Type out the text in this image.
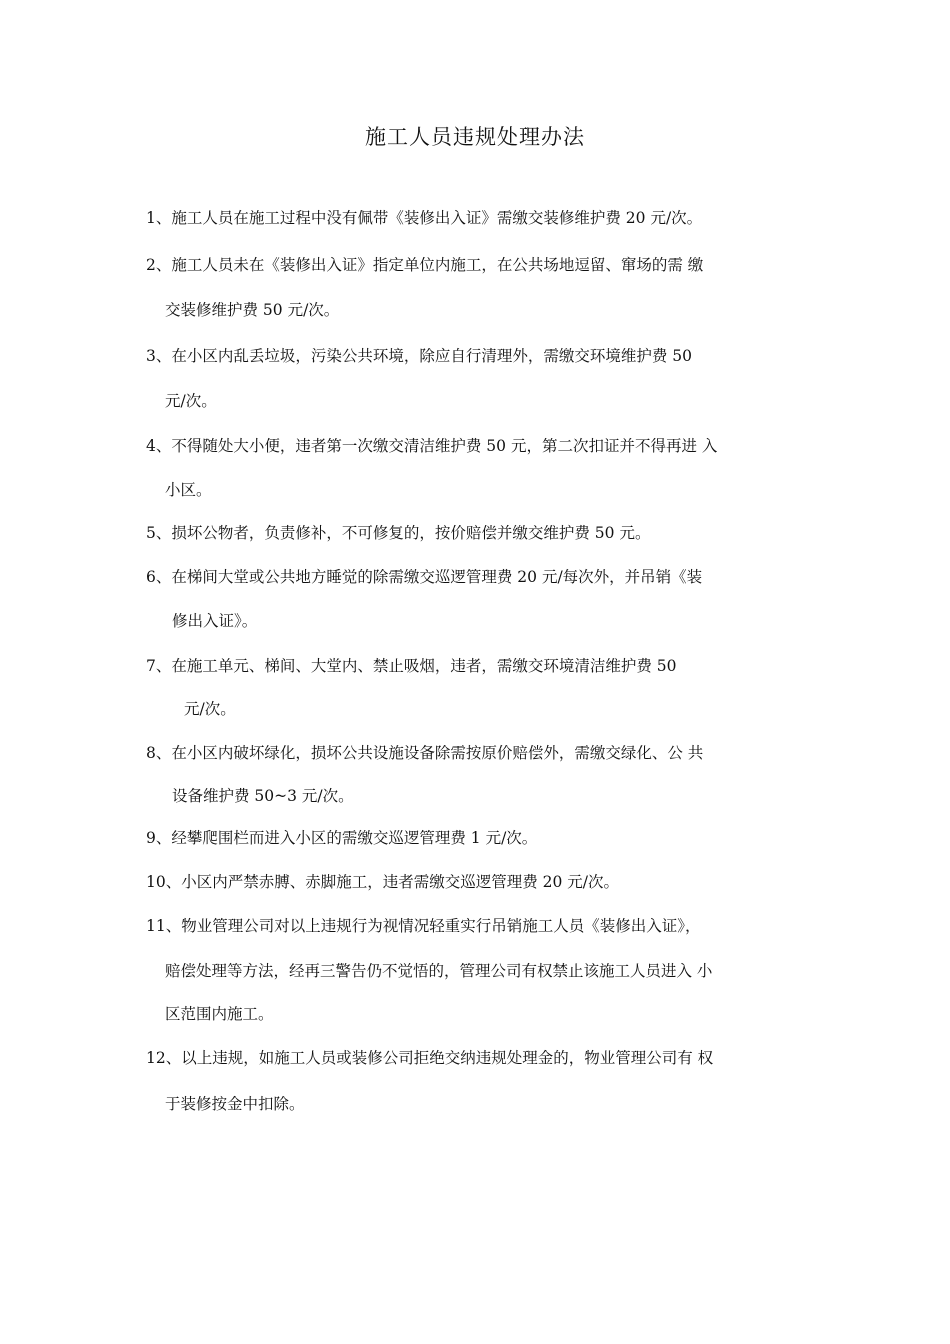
施工人员违规处理办法
1、施工人员在施工过程中没有佩带《装修出入证》需缴交装修维护费 20 元/次。
2、施工人员未在《装修出入证》指定单位内施工，在公共场地逗留、窜场的需 缴
交装修维护费 50 元/次。
3、在小区内乱丢垃圾，污染公共环境，除应自行清理外，需缴交环境维护费 50
元/次。
4、不得随处大小便，违者第一次缴交清洁维护费 50 元，第二次扣证并不得再进 入
小区。
5、损坏公物者，负责修补，不可修复的，按价赔偿并缴交维护费 50 元。
6、在梯间大堂或公共地方睡觉的除需缴交巡逻管理费 20 元/每次外，并吊销《装
修出入证》。
7、在施工单元、梯间、大堂内、禁止吸烟，违者，需缴交环境清洁维护费 50
元/次。
8、在小区内破坏绿化，损坏公共设施设备除需按原价赔偿外，需缴交绿化、公 共
设备维护费 50~3 元/次。
9、经攀爬围栏而进入小区的需缴交巡逻管理费 1 元/次。
10、小区内严禁赤膊、赤脚施工，违者需缴交巡逻管理费 20 元/次。
11、物业管理公司对以上违规行为视情况轻重实行吊销施工人员《装修出入证》，
赔偿处理等方法，经再三警告仍不觉悟的，管理公司有权禁止该施工人员进入 小
区范围内施工。
12、以上违规，如施工人员或装修公司拒绝交纳违规处理金的，物业管理公司有 权
于装修按金中扣除。
